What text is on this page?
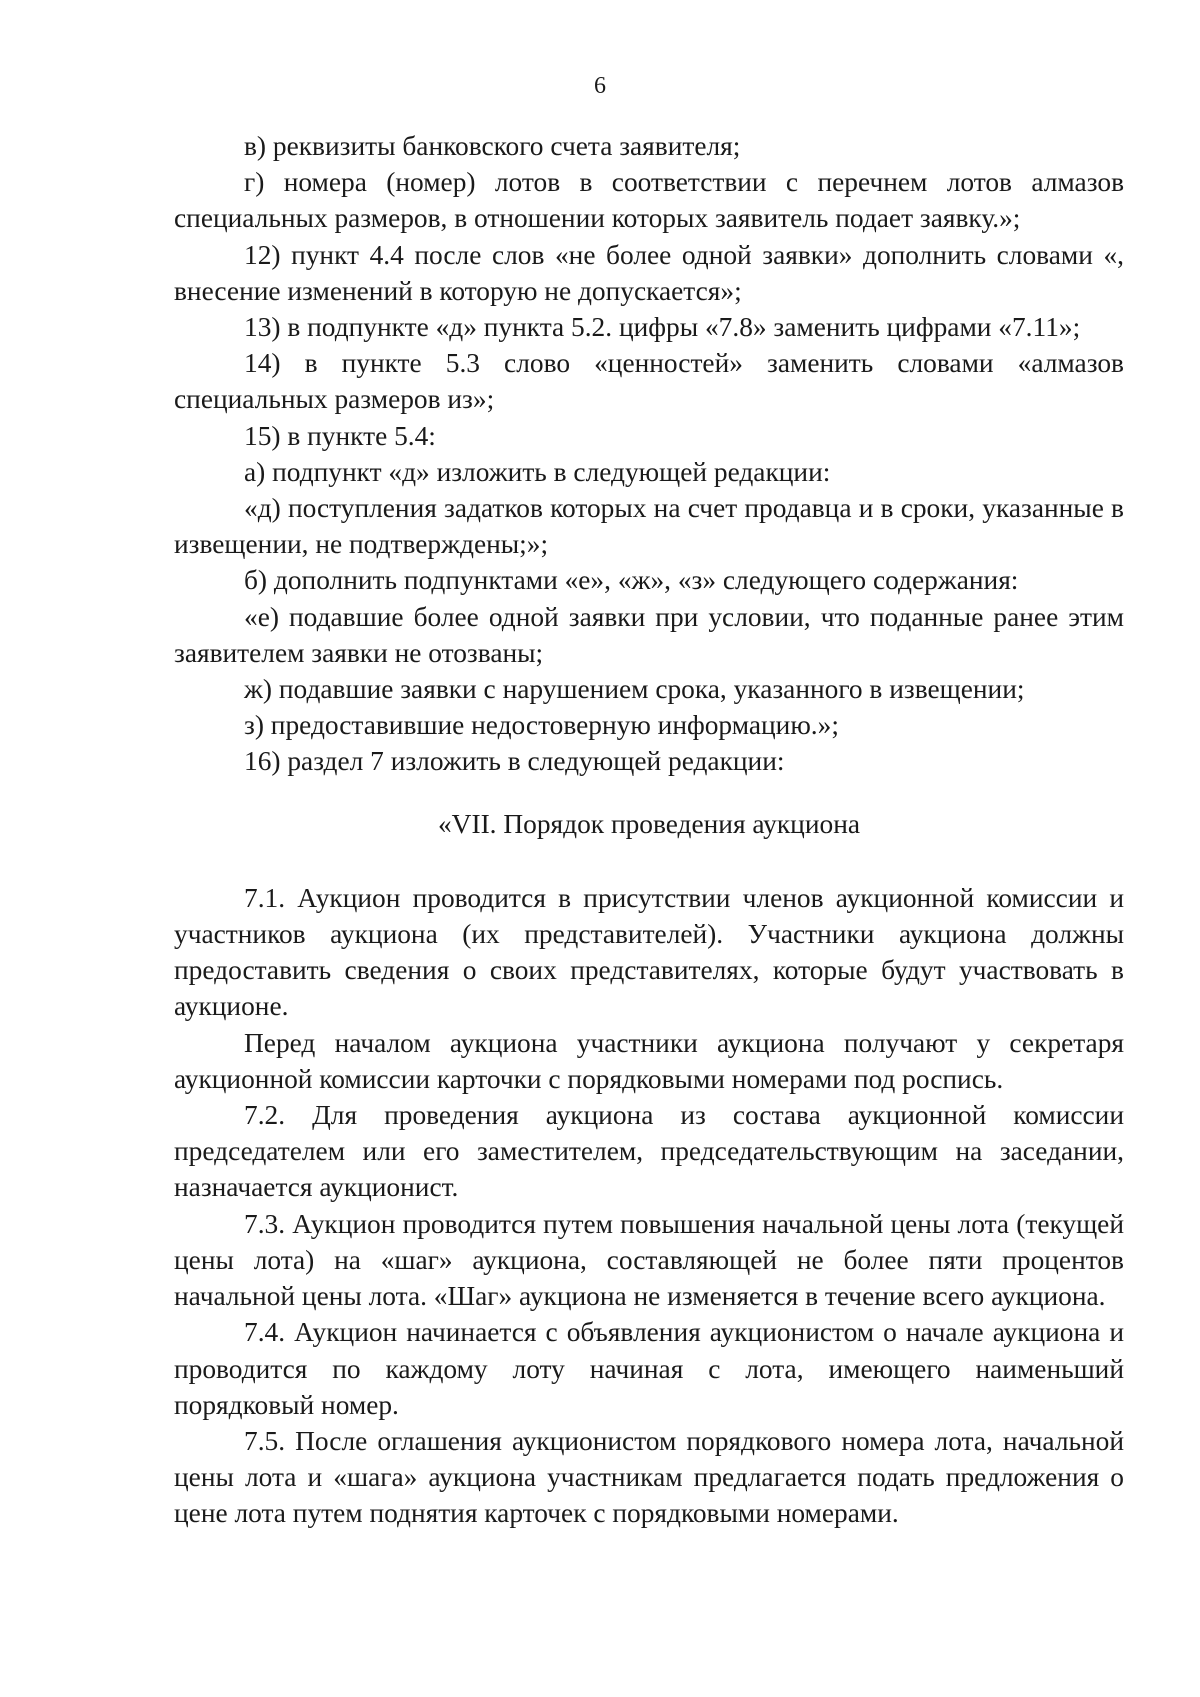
6

в) реквизиты банковского счета заявителя;

г) номера (номер) лотов в соответствии с перечнем лотов алмазов специальных размеров, в отношении которых заявитель подает заявку.»;

12) пункт 4.4 после слов «не более одной заявки» дополнить словами «, внесение изменений в которую не допускается»;

13) в подпункте «д» пункта 5.2. цифры «7.8» заменить цифрами «7.11»;

14) в пункте 5.3 слово «ценностей» заменить словами «алмазов специальных размеров из»;

15) в пункте 5.4:

а) подпункт «д» изложить в следующей редакции:

«д) поступления задатков которых на счет продавца и в сроки, указанные в извещении, не подтверждены;»;

б) дополнить подпунктами «е», «ж», «з» следующего содержания:

«е) подавшие более одной заявки при условии, что поданные ранее этим заявителем заявки не отозваны;

ж) подавшие заявки с нарушением срока, указанного в извещении;

з) предоставившие недостоверную информацию.»;

16) раздел 7 изложить в следующей редакции:

«VII. Порядок проведения аукциона

7.1. Аукцион проводится в присутствии членов аукционной комиссии и участников аукциона (их представителей). Участники аукциона должны предоставить сведения о своих представителях, которые будут участвовать в аукционе.

Перед началом аукциона участники аукциона получают у секретаря аукционной комиссии карточки с порядковыми номерами под роспись.

7.2. Для проведения аукциона из состава аукционной комиссии председателем или его заместителем, председательствующим на заседании, назначается аукционист.

7.3. Аукцион проводится путем повышения начальной цены лота (текущей цены лота) на «шаг» аукциона, составляющей не более пяти процентов начальной цены лота. «Шаг» аукциона не изменяется в течение всего аукциона.

7.4. Аукцион начинается с объявления аукционистом о начале аукциона и проводится по каждому лоту начиная с лота, имеющего наименьший порядковый номер.

7.5. После оглашения аукционистом порядкового номера лота, начальной цены лота и «шага» аукциона участникам предлагается подать предложения о цене лота путем поднятия карточек с порядковыми номерами.
